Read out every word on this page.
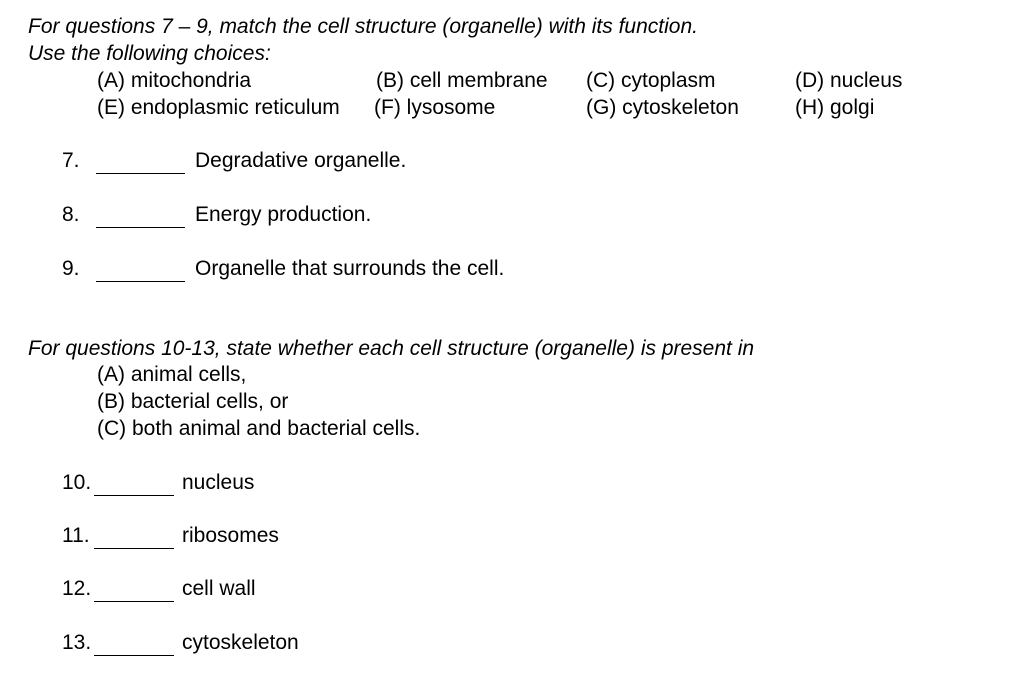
For questions 7 – 9, match the cell structure (organelle) with its function.
Use the following choices:
(A) mitochondria	(B) cell membrane (C) cytoplasm	(D) nucleus
(E) endoplasmic reticulum (F) lysosome	(G) cytoskeleton	(H) golgi
7.	Degradative organelle.
8.	Energy production.
9.	Organelle that surrounds the cell.
For questions 10-13, state whether each cell structure (organelle) is present in
(A) animal cells,
(B) bacterial cells, or
(C) both animal and bacterial cells.
10.	nucleus
11.	ribosomes
12.	cell wall
13.	cytoskeleton
